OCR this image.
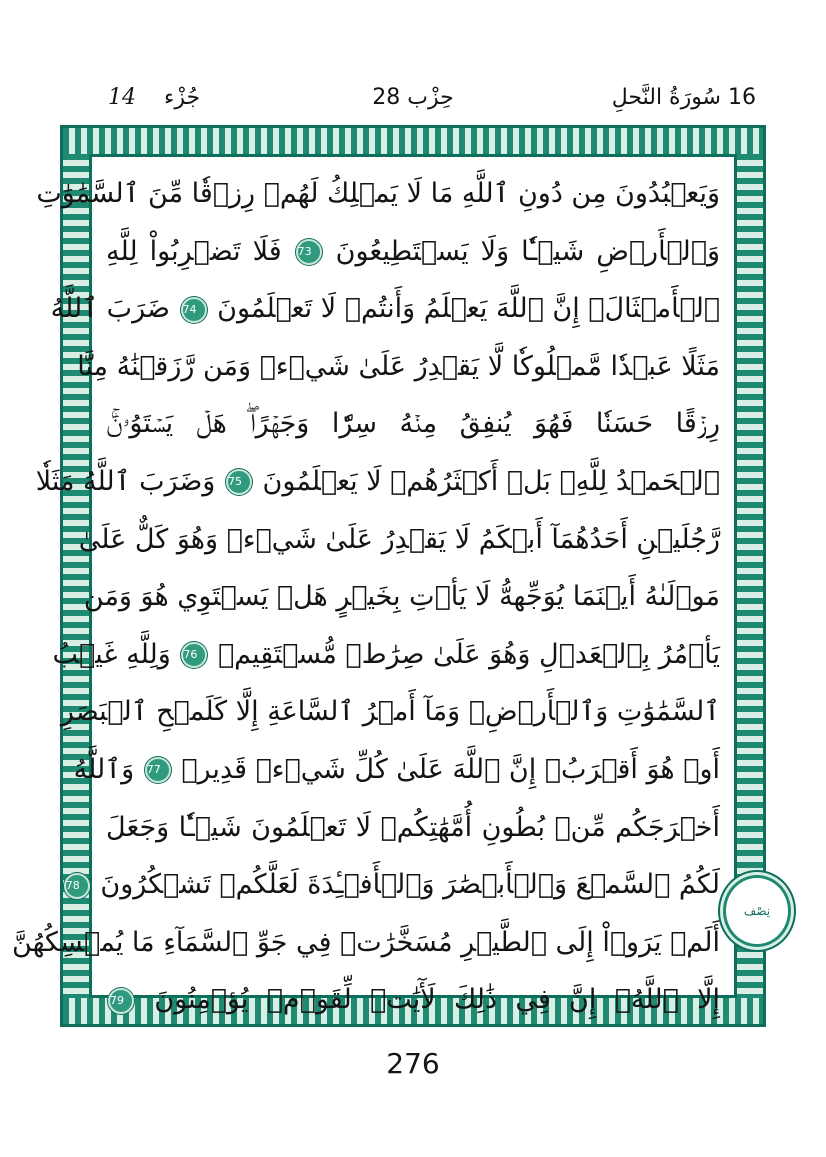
16 سُورَةُ النَّحلِ
حِزْب 28
جُزْء    14
وَيَعۡبُدُونَ مِن دُونِ ٱللَّهِ مَا لَا يَمۡلِكُ لَهُمۡ رِزۡقٗا مِّنَ ٱلسَّمَٰوَٰتِ
وَٱلۡأَرۡضِ شَيۡـٔٗا وَلَا يَسۡتَطِيعُونَ 73 فَلَا تَضۡرِبُواْ لِلَّهِ
ٱلۡأَمۡثَالَۚ إِنَّ ٱللَّهَ يَعۡلَمُ وَأَنتُمۡ لَا تَعۡلَمُونَ 74 ضَرَبَ ٱللَّهُ
مَثَلًا عَبۡدٗا مَّمۡلُوكٗا لَّا يَقۡدِرُ عَلَىٰ شَيۡءٖ وَمَن رَّزَقۡنَٰهُ مِنَّا
رِزۡقًا حَسَنٗا فَهُوَ يُنفِقُ مِنۡهُ سِرّٗا وَجَهۡرًاۖ هَلۡ يَسۡتَوُۥنَۚ
ٱلۡحَمۡدُ لِلَّهِۚ بَلۡ أَكۡثَرُهُمۡ لَا يَعۡلَمُونَ 75 وَضَرَبَ ٱللَّهُ مَثَلٗا
رَّجُلَيۡنِ أَحَدُهُمَآ أَبۡكَمُ لَا يَقۡدِرُ عَلَىٰ شَيۡءٖ وَهُوَ كَلٌّ عَلَىٰ
مَوۡلَىٰهُ أَيۡنَمَا يُوَجِّههُّ لَا يَأۡتِ بِخَيۡرٍ هَلۡ يَسۡتَوِي هُوَ وَمَن
يَأۡمُرُ بِٱلۡعَدۡلِ وَهُوَ عَلَىٰ صِرَٰطٖ مُّسۡتَقِيمٖ 76 وَلِلَّهِ غَيۡبُ
ٱلسَّمَٰوَٰتِ وَٱلۡأَرۡضِۚ وَمَآ أَمۡرُ ٱلسَّاعَةِ إِلَّا كَلَمۡحِ ٱلۡبَصَرِ
أَوۡ هُوَ أَقۡرَبُۚ إِنَّ ٱللَّهَ عَلَىٰ كُلِّ شَيۡءٖ قَدِيرٞ 77 وَٱللَّهُ
أَخۡرَجَكُم مِّنۢ بُطُونِ أُمَّهَٰتِكُمۡ لَا تَعۡلَمُونَ شَيۡـٔٗا وَجَعَلَ
لَكُمُ ٱلسَّمۡعَ وَٱلۡأَبۡصَٰرَ وَٱلۡأَفۡـِٔدَةَ لَعَلَّكُمۡ تَشۡكُرُونَ 78
أَلَمۡ يَرَوۡاْ إِلَى ٱلطَّيۡرِ مُسَخَّرَٰتٖ فِي جَوِّ ٱلسَّمَآءِ مَا يُمۡسِكُهُنَّ
إِلَّا ٱللَّهُۚ إِنَّ فِي ذَٰلِكَ لَأٓيَٰتٖ لِّقَوۡمٖ يُؤۡمِنُونَ 79
نِصْف
276
